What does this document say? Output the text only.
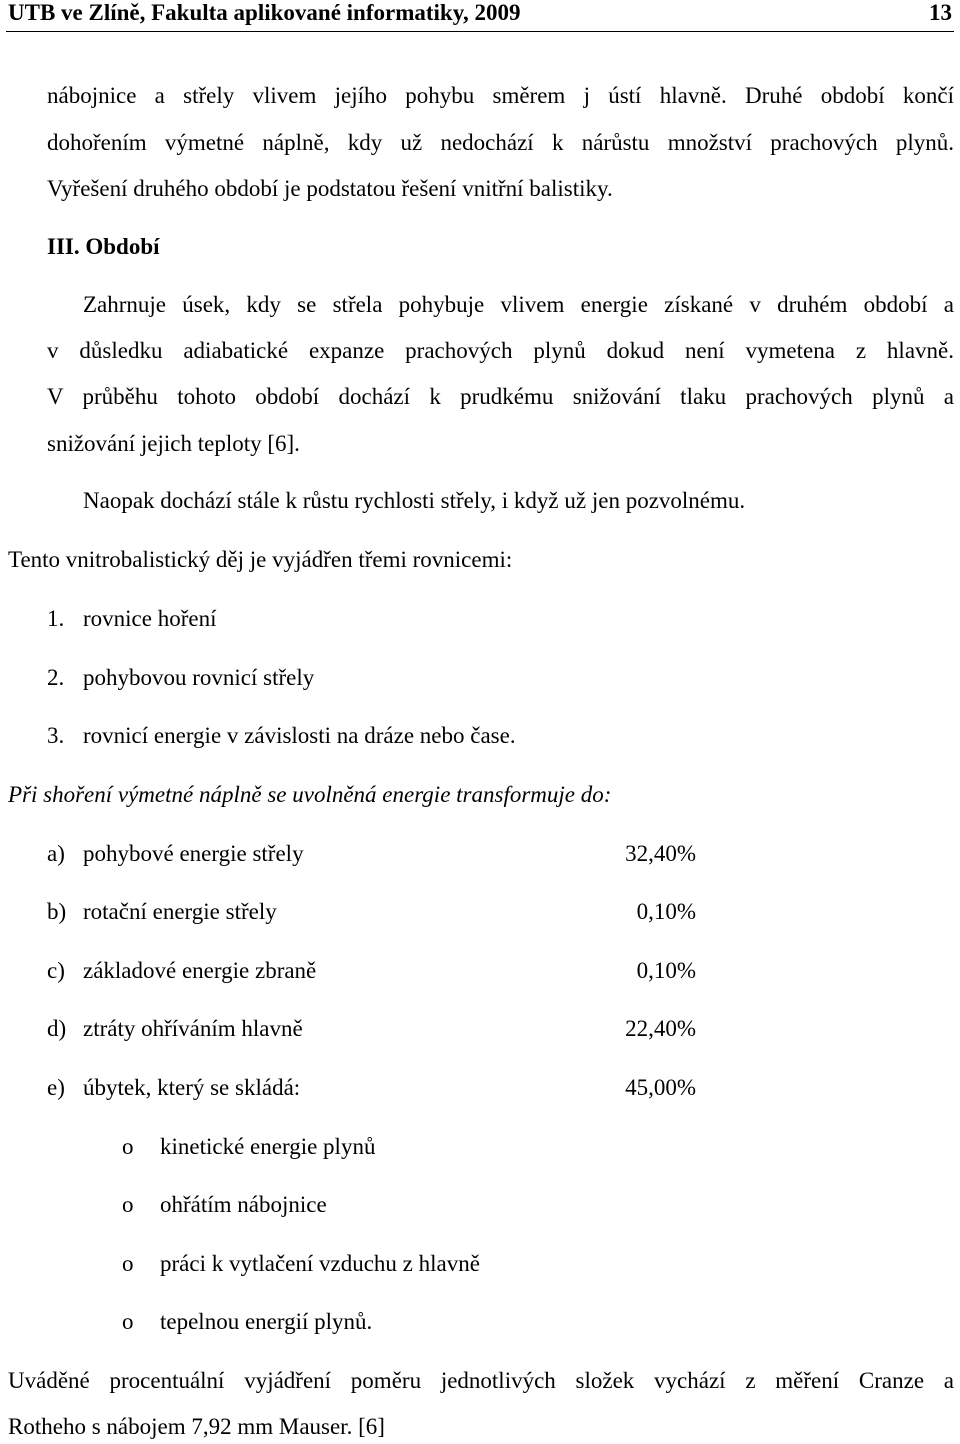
UTB ve Zlíně, Fakulta aplikované informatiky, 2009	13
nábojnice a střely vlivem jejího pohybu směrem j ústí hlavně. Druhé období končí
dohořením výmetné náplně, kdy už nedochází k nárůstu množství prachových plynů.
Vyřešení druhého období je podstatou řešení vnitřní balistiky.
III. Období
Zahrnuje úsek, kdy se střela pohybuje vlivem energie získané v druhém období a
v důsledku adiabatické expanze prachových plynů dokud není vymetena z hlavně.
V průběhu tohoto období dochází k prudkému snižování tlaku prachových plynů a
snižování jejich teploty [6].
Naopak dochází stále k růstu rychlosti střely, i když už jen pozvolnému.
Tento vnitrobalistický děj je vyjádřen třemi rovnicemi:
1. rovnice hoření
2. pohybovou rovnicí střely
3. rovnicí energie v závislosti na dráze nebo čase.
Při shoření výmetné náplně se uvolněná energie transformuje do:
a) pohybové energie střely	32,40%
b) rotační energie střely	0,10%
c) základové energie zbraně	0,10%
d) ztráty ohříváním hlavně	22,40%
e) úbytek, který se skládá:	45,00%
o kinetické energie plynů
o ohřátím nábojnice
o práci k vytlačení vzduchu z hlavně
o tepelnou energií plynů.
Uváděné procentuální vyjádření poměru jednotlivých složek vychází z měření Cranze a
Rotheho s nábojem 7,92 mm Mauser. [6]
